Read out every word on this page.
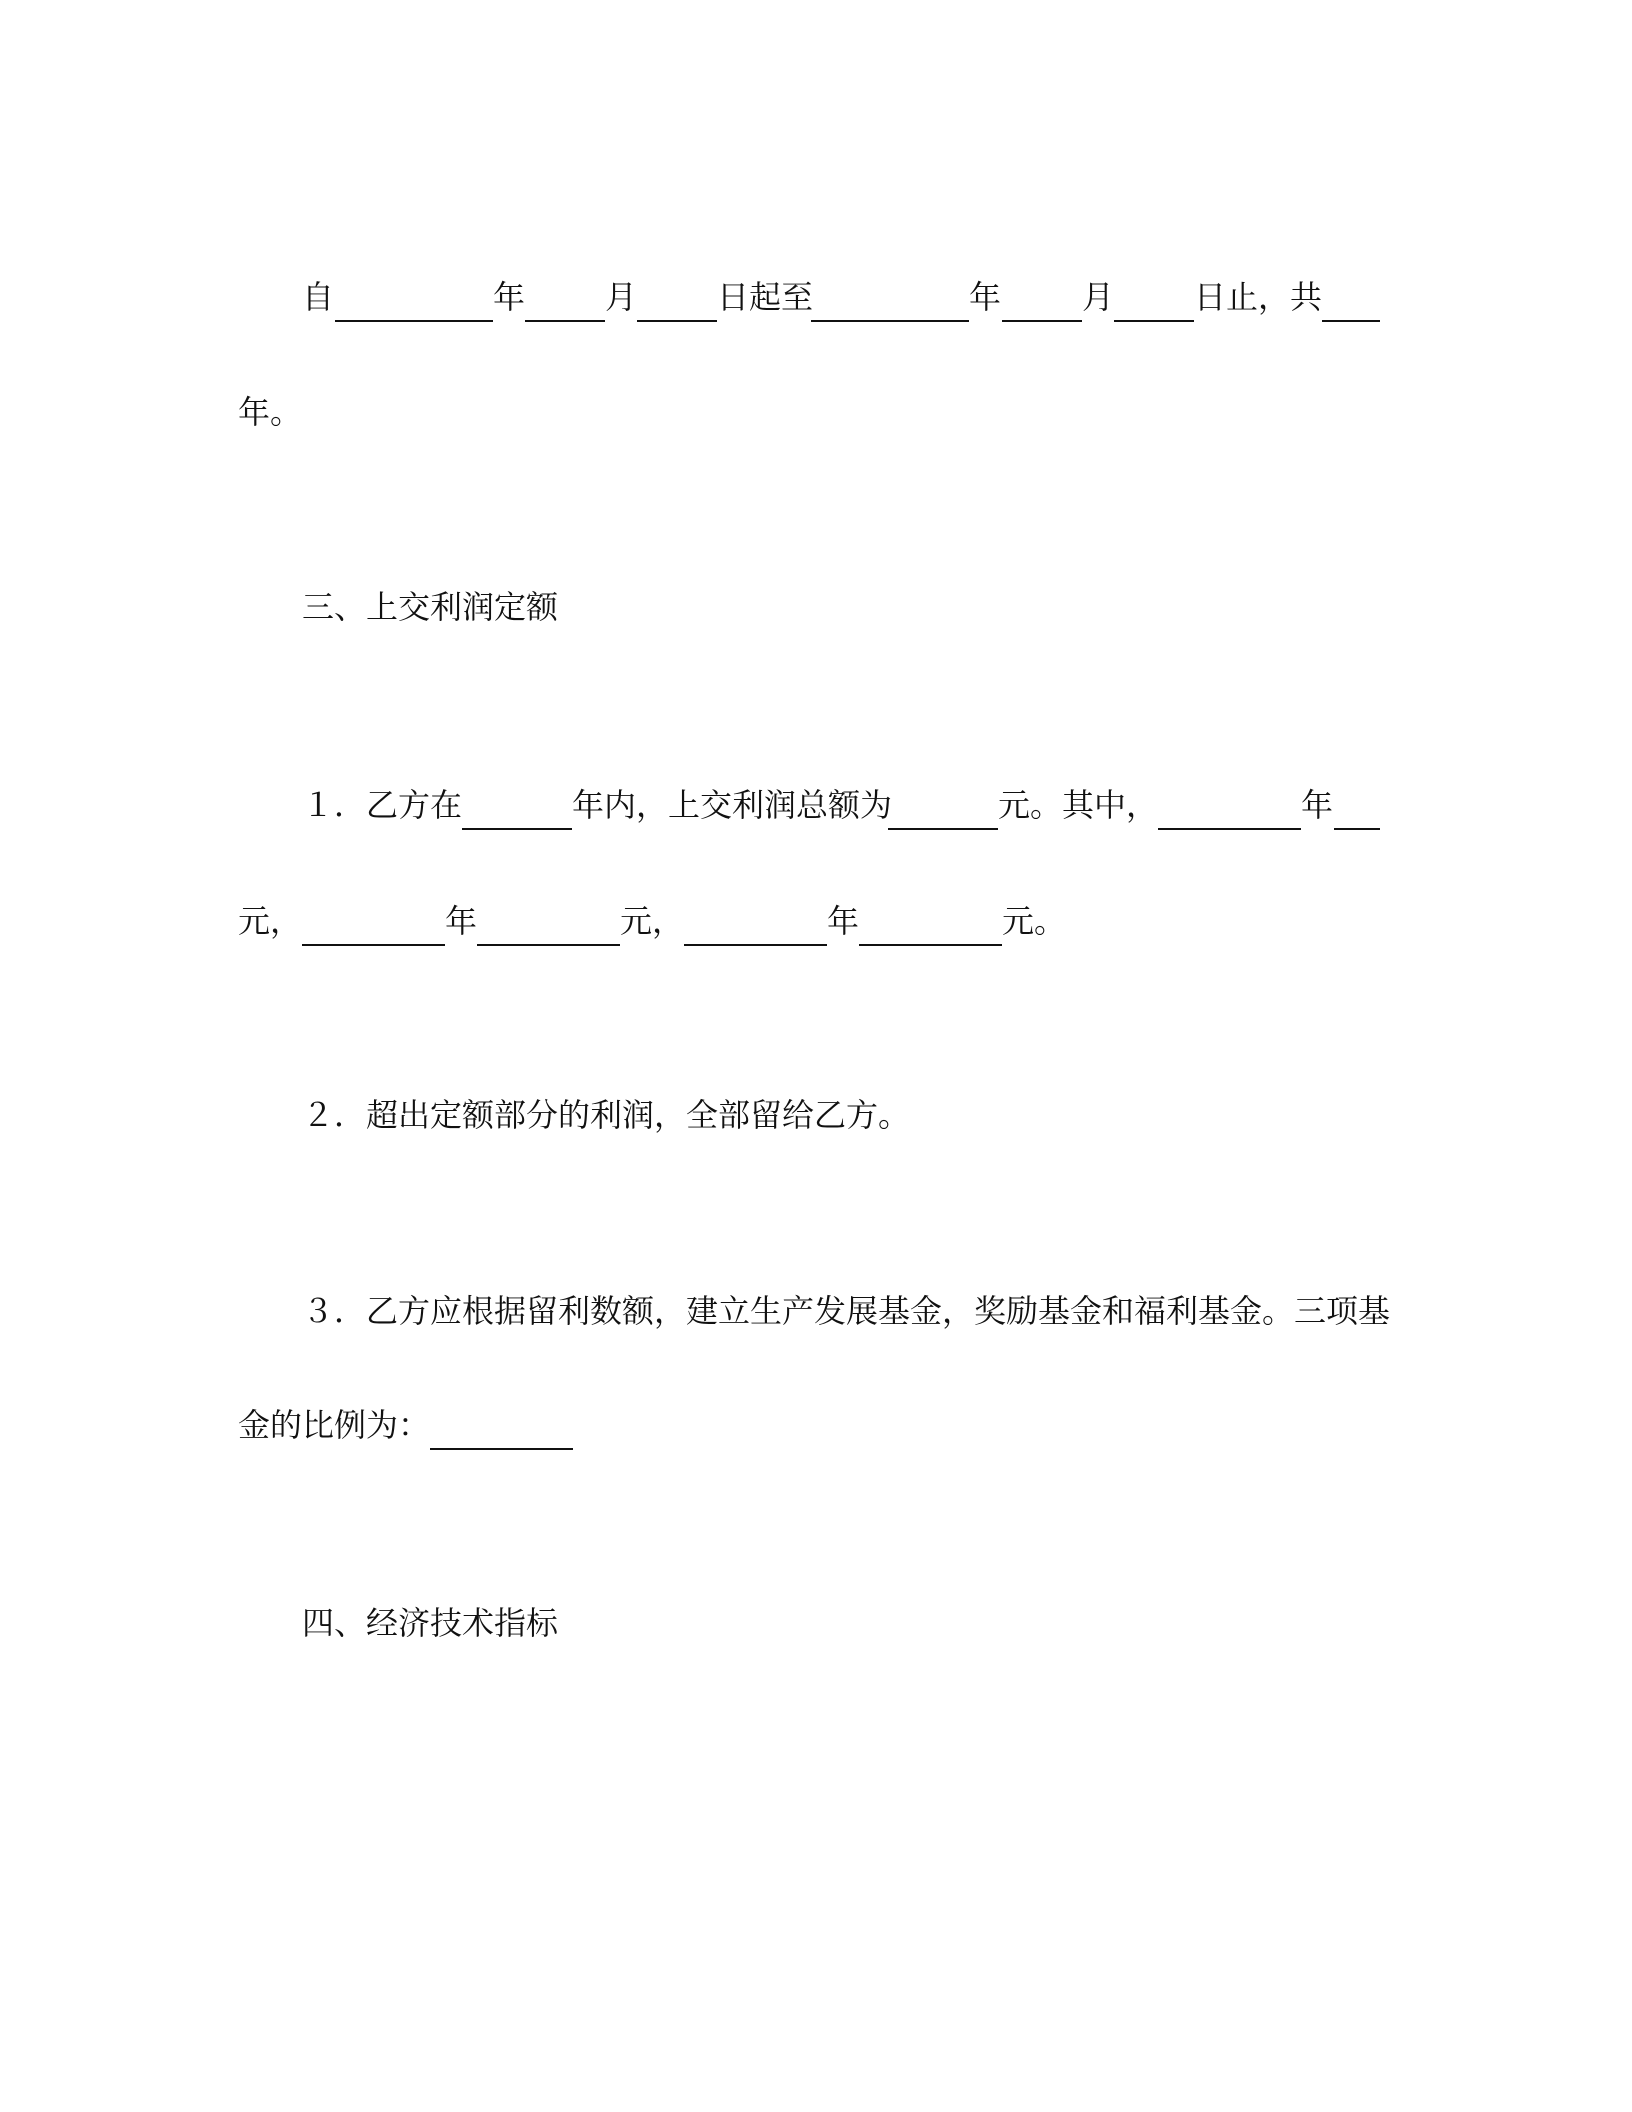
自	年 月 日起至	年	月 日止，共
年。
三、上交利润定额
１．乙方在	年内，上交利润总额为	元。其中，	年
元，	年	元，	年	元。
２．超出定额部分的利润，全部留给乙方。
３．乙方应根据留利数额，建立生产发展基金，奖励基金和福利基金。三项基
金的比例为：
四、经济技术指标
